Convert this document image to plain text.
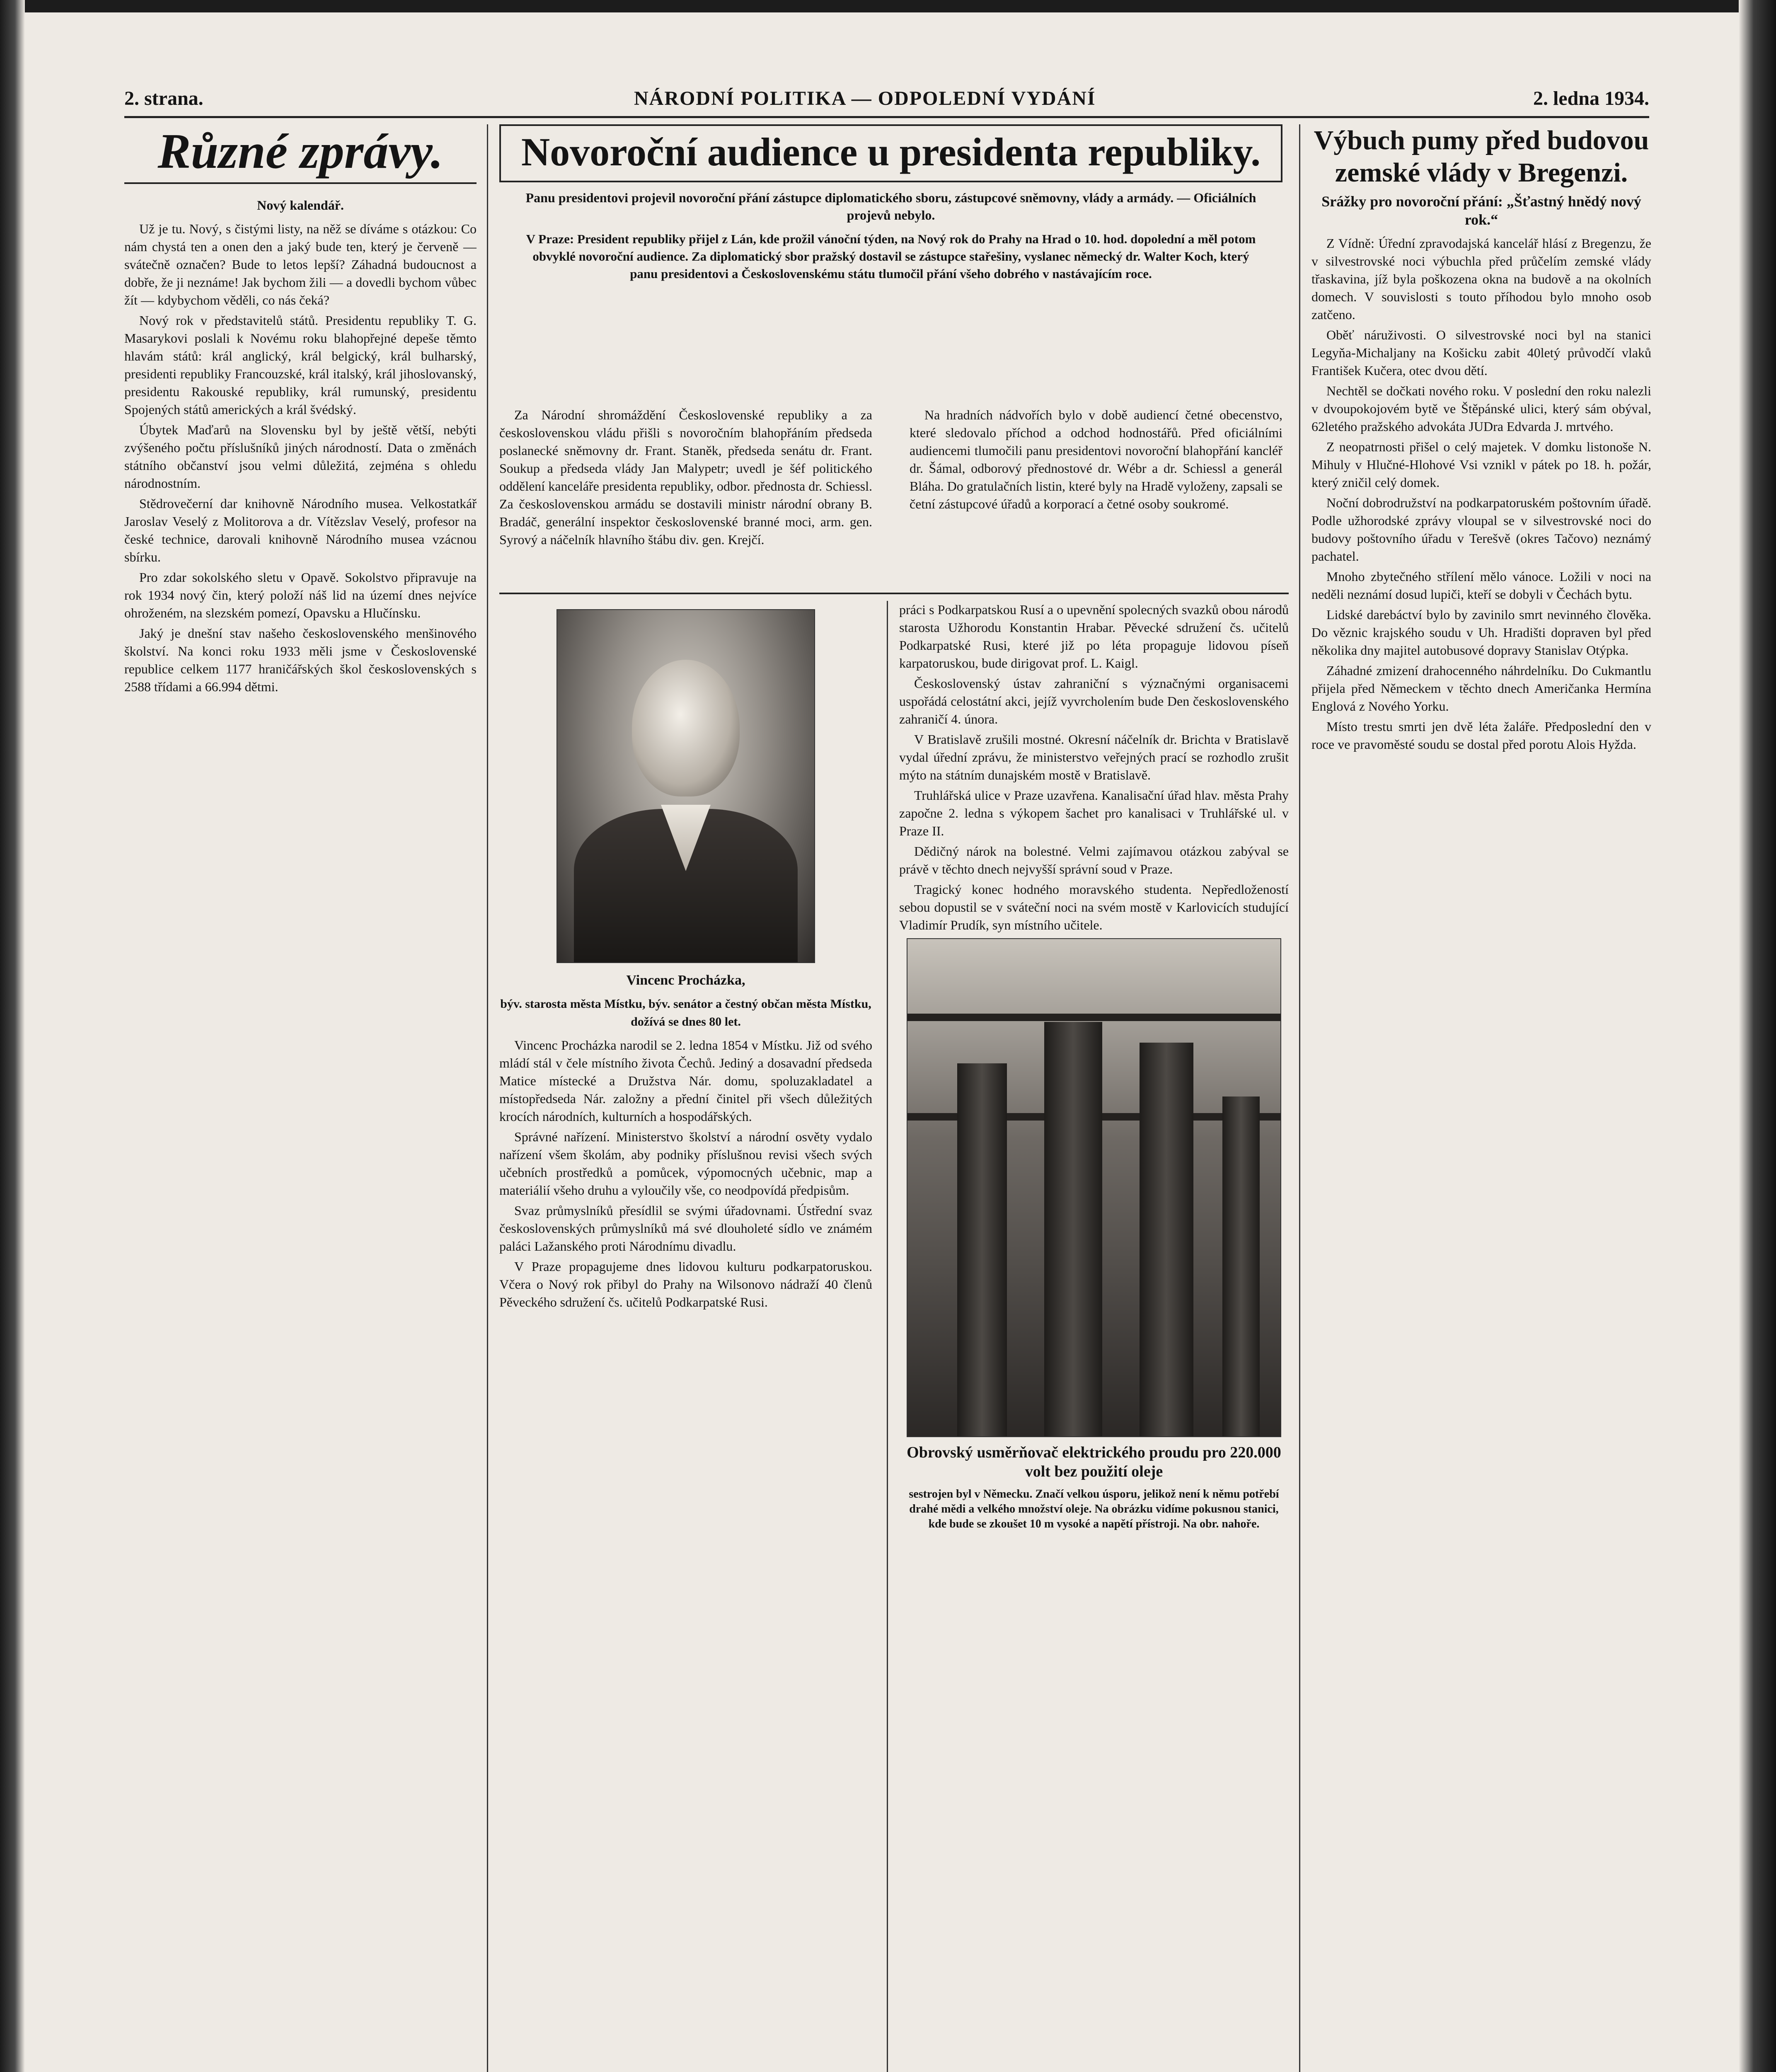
2. strana.	NÁRODNÍ POLITIKA — ODPOLEDNÍ VYDÁNÍ	2. ledna 1934.
Různé zprávy.

Nový kalendář.

Už je tu. Nový, s čistými listy, na něž se díváme s otázkou: Co nám chystá ten a onen den a jaký bude ten, který je červeně — svátečně označen? Bude to letos lepší? Záhadná budoucnost a dobře, že ji neznáme! Jak bychom žili — a dovedli bychom vůbec žít — kdybychom věděli, co nás čeká?

Nový rok v představitelů států. Presidentu republiky T. G. Masarykovi poslali k Novému roku blahopřejné depeše těmto hlavám států: král anglický, král belgický, král bulharský, presidenti republiky Francouzské, král italský, král jihoslovanský, presidentu Rakouské republiky, král rumunský, presidentu Spojených států amerických a král švédský.

Úbytek Maďarů na Slovensku byl by ještě větší, nebýti zvýšeného počtu příslušníků jiných národností. Data o změnách státního občanství jsou velmi důležitá, zejména s ohledu národnostním.

Stědrovečerní dar knihovně Národního musea. Velkostatkář Jaroslav Veselý z Molitorova a dr. Vítězslav Veselý, profesor na české technice, darovali knihovně Národního musea vzácnou sbírku.

Pro zdar sokolského sletu v Opavě. Sokolstvo připravuje na rok 1934 nový čin, který položí náš lid na území dnes nejvíce ohroženém, na slezském pomezí, Opavsku a Hlučínsku.

Jaký je dnešní stav našeho československého menšinového školství. Na konci roku 1933 měli jsme v Československé republice celkem 1177 hraničářských škol československých s 2588 třídami a 66.994 dětmi.

Novoroční audience u presidenta republiky.
Panu presidentovi projevil novoroční přání zástupce diplomatického sboru, zástupcové sněmovny, vlády a armády. — Oficiálních projevů nebylo.
V Praze: President republiky přijel z Lán, kde prožil vánoční týden, na Nový rok do Prahy na Hrad o 10. hod. dopolední a měl potom obvyklé novoroční audience. Za diplomatický sbor pražský dostavil se zástupce stařešiny, vyslanec německý dr. Walter Koch, který panu presidentovi a Československému státu tlumočil přání všeho dobrého v nastávajícím roce.

Za Národní shromáždění Československé republiky a za československou vládu přišli s novoročním blahopřáním předseda poslanecké sněmovny dr. Frant. Staněk, předseda senátu dr. Frant. Soukup a předseda vlády Jan Malypetr; uvedl je šéf politického oddělení kanceláře presidenta republiky, odbor. přednosta dr. Schiessl. Za československou armádu se dostavili ministr národní obrany B. Bradáč, generální inspektor československé branné moci, arm. gen. Syrový a náčelník hlavního štábu div. gen. Krejčí.

Na hradních nádvořích bylo v době audiencí četné obecenstvo, které sledovalo příchod a odchod hodnostářů. Před oficiálními audiencemi tlumočili panu presidentovi novoroční blahopřání kancléř dr. Šámal, odborový přednostové dr. Wébr a dr. Schiessl a generál Bláha. Do gratulačních listin, které byly na Hradě vyloženy, zapsali se četní zástupcové úřadů a korporací a četné osoby soukromé.

Vincenc Procházka,

býv. starosta města Místku, býv. senátor a čestný občan města Místku, dožívá se dnes 80 let.

Vincenc Procházka narodil se 2. ledna 1854 v Místku. Již od svého mládí stál v čele místního života Čechů. Jediný a dosavadní předseda Matice místecké a Družstva Nár. domu, spoluzakladatel a místopředseda Nár. založny a přední činitel při všech důležitých krocích národních, kulturních a hospodářských.

Správné nařízení. Ministerstvo školství a národní osvěty vydalo nařízení všem školám, aby podniky příslušnou revisi všech svých učebních prostředků a pomůcek, výpomocných učebnic, map a materiálií všeho druhu a vyloučily vše, co neodpovídá předpisům.

Svaz průmyslníků přesídlil se svými úřadovnami. Ústřední svaz československých průmyslníků má své dlouholeté sídlo ve známém paláci Lažanského proti Národnímu divadlu.

V Praze propagujeme dnes lidovou kulturu podkarpatoruskou. Včera o Nový rok přibyl do Prahy na Wilsonovo nádraží 40 členů Pěveckého sdružení čs. učitelů Podkarpatské Rusi.

práci s Podkarpatskou Rusí a o upevnění spolecných svazků obou národů starosta Užhorodu Konstantin Hrabar. Pěvecké sdružení čs. učitelů Podkarpatské Rusi, které již po léta propaguje lidovou píseň karpatoruskou, bude dirigovat prof. L. Kaigl.

Československý ústav zahraniční s význačnými organisacemi uspořádá celostátní akci, jejíž vyvrcholením bude Den československého zahraničí 4. února.

V Bratislavě zrušili mostné. Okresní náčelník dr. Brichta v Bratislavě vydal úřední zprávu, že ministerstvo veřejných prací se rozhodlo zrušit mýto na státním dunajském mostě v Bratislavě.

Truhlářská ulice v Praze uzavřena. Kanalisační úřad hlav. města Prahy započne 2. ledna s výkopem šachet pro kanalisaci v Truhlářské ul. v Praze II.

Dědičný nárok na bolestné. Velmi zajímavou otázkou zabýval se právě v těchto dnech nejvyšší správní soud v Praze.

Tragický konec hodného moravského studenta. Nepředložeností sebou dopustil se v sváteční noci na svém mostě v Karlovicích studující Vladimír Prudík, syn místního učitele.

Obrovský usměrňovač elektrického proudu pro 220.000 volt bez použití oleje

sestrojen byl v Německu. Značí velkou úsporu, jelikož není k němu potřebí drahé mědi a velkého množství oleje. Na obrázku vidíme pokusnou stanici, kde bude se zkoušet 10 m vysoké a napětí přístroji. Na obr. nahoře.

Výbuch pumy před budovou zemské vlády v Bregenzi.

Srážky pro novoroční přání: „Šťastný hnědý nový rok.“

Z Vídně: Úřední zpravodajská kancelář hlásí z Bregenzu, že v silvestrovské noci výbuchla před průčelím zemské vlády třaskavina, jíž byla poškozena okna na budově a na okolních domech. V souvislosti s touto příhodou bylo mnoho osob zatčeno.

Oběť náruživosti. O silvestrovské noci byl na stanici Legyňa-Michaljany na Košicku zabit 40letý průvodčí vlaků František Kučera, otec dvou dětí.

Nechtěl se dočkati nového roku. V poslední den roku nalezli v dvoupokojovém bytě ve Štěpánské ulici, který sám obýval, 62letého pražského advokáta JUDra Edvarda J. mrtvého.

Z neopatrnosti přišel o celý majetek. V domku listonoše N. Mihuly v Hlučné-Hlohové Vsi vznikl v pátek po 18. h. požár, který zničil celý domek.

Noční dobrodružství na podkarpatoruském poštovním úřadě. Podle užhorodské zprávy vloupal se v silvestrovské noci do budovy poštovního úřadu v Terešvě (okres Tačovo) neznámý pachatel.

Mnoho zbytečného střílení mělo vánoce. Ložili v noci na neděli neznámí dosud lupiči, kteří se dobyli v Čechách bytu.

Lidské darebáctví bylo by zavinilo smrt nevinného člověka. Do věznic krajského soudu v Uh. Hradišti dopraven byl před několika dny majitel autobusové dopravy Stanislav Otýpka.

Záhadné zmizení drahocenného náhrdelníku. Do Cukmantlu přijela před Německem v těchto dnech Američanka Hermína Englová z Nového Yorku.

Místo trestu smrti jen dvě léta žaláře. Předposlední den v roce ve pravoměsté soudu se dostal před porotu Alois Hyžda.
